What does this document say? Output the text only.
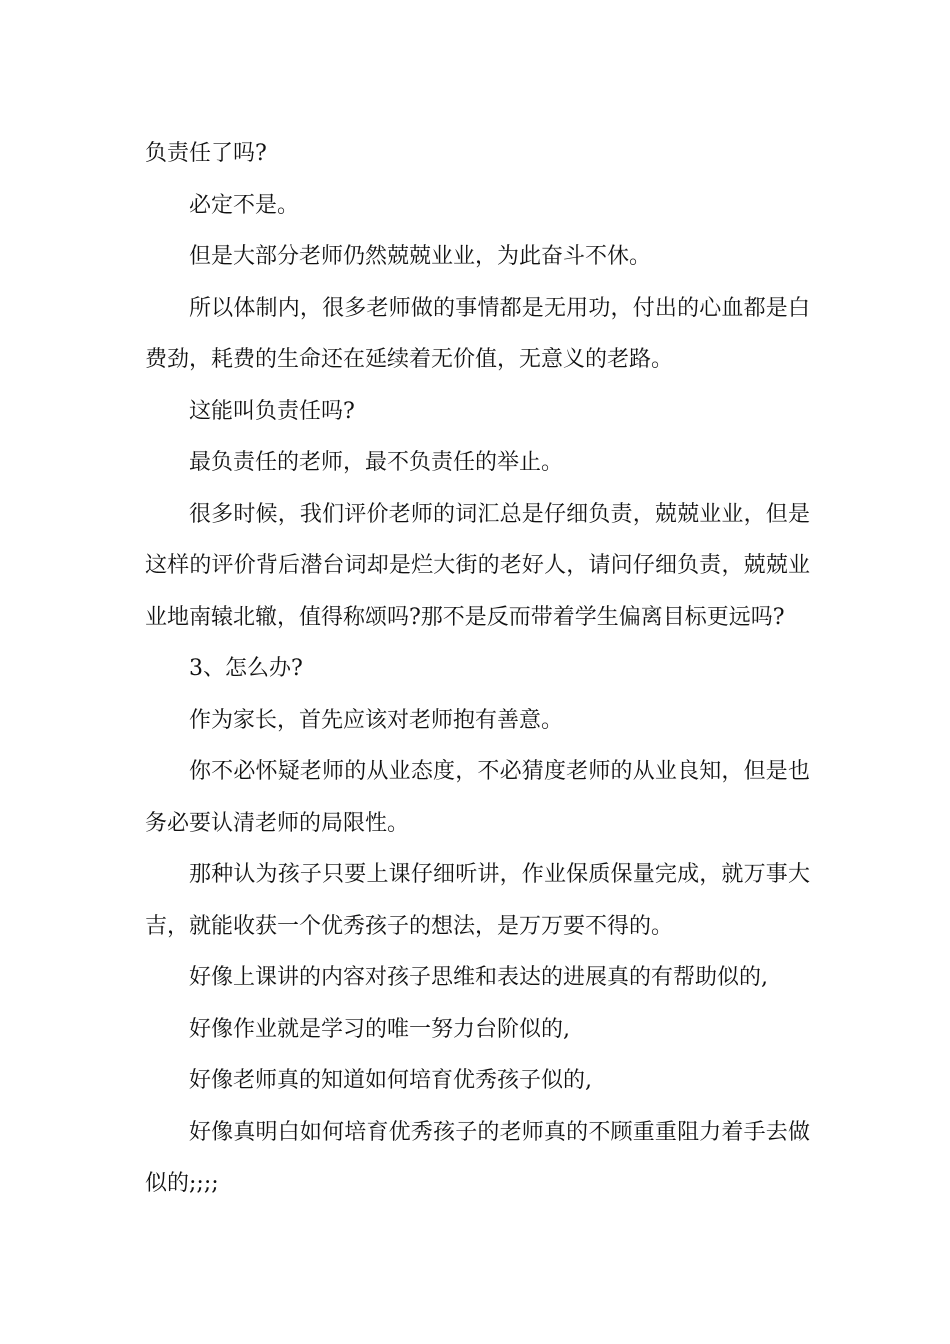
负责任了吗?

必定不是。

但是大部分老师仍然兢兢业业，为此奋斗不休。

所以体制内，很多老师做的事情都是无用功，付出的心血都是白费劲，耗费的生命还在延续着无价值，无意义的老路。

这能叫负责任吗?

最负责任的老师，最不负责任的举止。

很多时候，我们评价老师的词汇总是仔细负责，兢兢业业，但是这样的评价背后潜台词却是烂大街的老好人，请问仔细负责，兢兢业业地南辕北辙，值得称颂吗?那不是反而带着学生偏离目标更远吗?

3、怎么办?

作为家长，首先应该对老师抱有善意。

你不必怀疑老师的从业态度，不必猜度老师的从业良知，但是也务必要认清老师的局限性。

那种认为孩子只要上课仔细听讲，作业保质保量完成，就万事大吉，就能收获一个优秀孩子的想法，是万万要不得的。

好像上课讲的内容对孩子思维和表达的进展真的有帮助似的,

好像作业就是学习的唯一努力台阶似的,

好像老师真的知道如何培育优秀孩子似的,

好像真明白如何培育优秀孩子的老师真的不顾重重阻力着手去做似的;;;;
